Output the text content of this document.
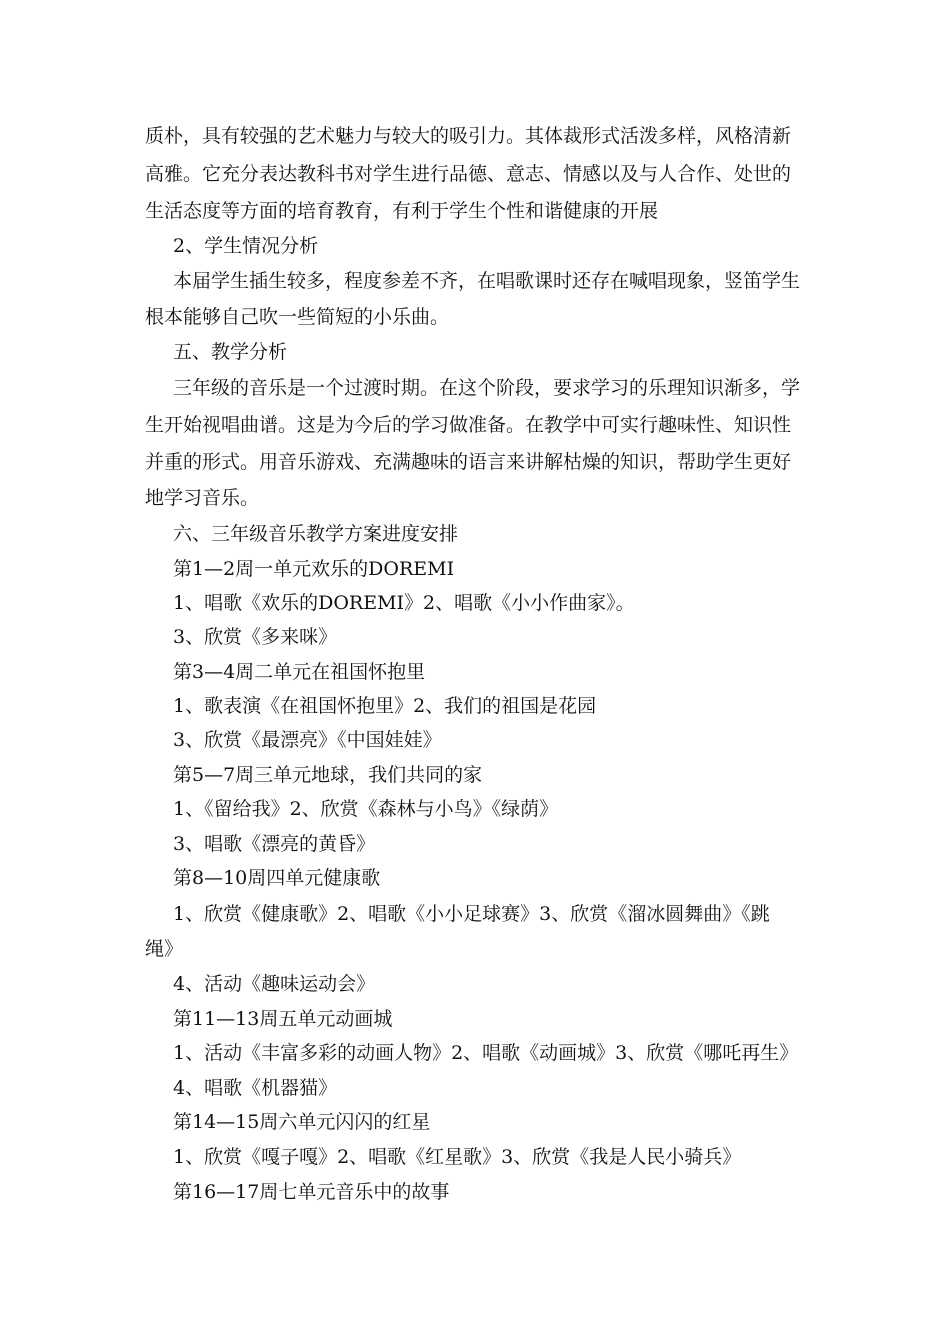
质朴，具有较强的艺术魅力与较大的吸引力。其体裁形式活泼多样，风格清新
高雅。它充分表达教科书对学生进行品德、意志、情感以及与人合作、处世的
生活态度等方面的培育教育，有利于学生个性和谐健康的开展
2、学生情况分析
本届学生插生较多，程度参差不齐，在唱歌课时还存在喊唱现象，竖笛学生
根本能够自己吹一些简短的小乐曲。
五、教学分析
三年级的音乐是一个过渡时期。在这个阶段，要求学习的乐理知识渐多，学
生开始视唱曲谱。这是为今后的学习做准备。在教学中可实行趣味性、知识性
并重的形式。用音乐游戏、充满趣味的语言来讲解枯燥的知识，帮助学生更好
地学习音乐。
六、三年级音乐教学方案进度安排
第1—2周一单元欢乐的DOREMI
1、唱歌《欢乐的DOREMI》2、唱歌《小小作曲家》。
3、欣赏《多来咪》
第3—4周二单元在祖国怀抱里
1、歌表演《在祖国怀抱里》2、我们的祖国是花园
3、欣赏《最漂亮》《中国娃娃》
第5—7周三单元地球，我们共同的家
1、《留给我》2、欣赏《森林与小鸟》《绿荫》
3、唱歌《漂亮的黄昏》
第8—10周四单元健康歌
1、欣赏《健康歌》2、唱歌《小小足球赛》3、欣赏《溜冰圆舞曲》《跳
绳》
4、活动《趣味运动会》
第11—13周五单元动画城
1、活动《丰富多彩的动画人物》2、唱歌《动画城》3、欣赏《哪吒再生》
4、唱歌《机器猫》
第14—15周六单元闪闪的红星
1、欣赏《嘎子嘎》2、唱歌《红星歌》3、欣赏《我是人民小骑兵》
第16—17周七单元音乐中的故事
